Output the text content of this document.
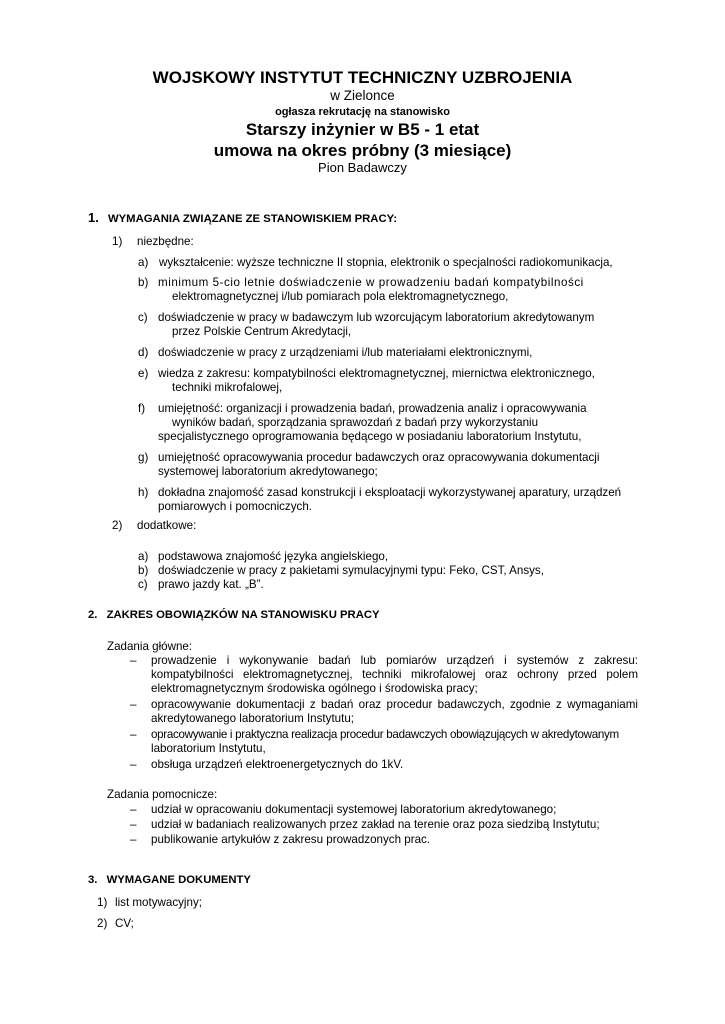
WOJSKOWY INSTYTUT TECHNICZNY UZBROJENIA
w Zielonce
ogłasza rekrutację na stanowisko
Starszy inżynier w B5 - 1 etat
umowa na okres próbny (3 miesiące)
Pion Badawczy
1. WYMAGANIA ZWIĄZANE ZE STANOWISKIEM PRACY:
1) niezbędne:
a) wykształcenie: wyższe techniczne II stopnia, elektronik o specjalności radiokomunikacja,
b) minimum 5-cio letnie doświadczenie w prowadzeniu badań kompatybilności
elektromagnetycznej i/lub pomiarach pola elektromagnetycznego,
c) doświadczenie w pracy w badawczym lub wzorcującym laboratorium akredytowanym
przez Polskie Centrum Akredytacji,
d) doświadczenie w pracy z urządzeniami i/lub materiałami elektronicznymi,
e) wiedza z zakresu: kompatybilności elektromagnetycznej, miernictwa elektronicznego,
techniki mikrofalowej,
f) umiejętność: organizacji i prowadzenia badań, prowadzenia analiz i opracowywania
wyników badań, sporządzania sprawozdań z badań przy wykorzystaniu
specjalistycznego oprogramowania będącego w posiadaniu laboratorium Instytutu,
g) umiejętność opracowywania procedur badawczych oraz opracowywania dokumentacji
systemowej laboratorium akredytowanego;
h) dokładna znajomość zasad konstrukcji i eksploatacji wykorzystywanej aparatury, urządzeń
pomiarowych i pomocniczych.
2) dodatkowe:
a) podstawowa znajomość języka angielskiego,
b) doświadczenie w pracy z pakietami symulacyjnymi typu: Feko, CST, Ansys,
c) prawo jazdy kat. „B”.
2. ZAKRES OBOWIĄZKÓW NA STANOWISKU PRACY
Zadania główne:
– prowadzenie i wykonywanie badań lub pomiarów urządzeń i systemów z zakresu:
kompatybilności elektromagnetycznej, techniki mikrofalowej oraz ochrony przed polem
elektromagnetycznym środowiska ogólnego i środowiska pracy;
– opracowywanie dokumentacji z badań oraz procedur badawczych, zgodnie z wymaganiami
akredytowanego laboratorium Instytutu;
– opracowywanie i praktyczna realizacja procedur badawczych obowiązujących w akredytowanym
laboratorium Instytutu,
– obsługa urządzeń elektroenergetycznych do 1kV.
Zadania pomocnicze:
– udział w opracowaniu dokumentacji systemowej laboratorium akredytowanego;
– udział w badaniach realizowanych przez zakład na terenie oraz poza siedzibą Instytutu;
– publikowanie artykułów z zakresu prowadzonych prac.
3. WYMAGANE DOKUMENTY
1) list motywacyjny;
2) CV;
